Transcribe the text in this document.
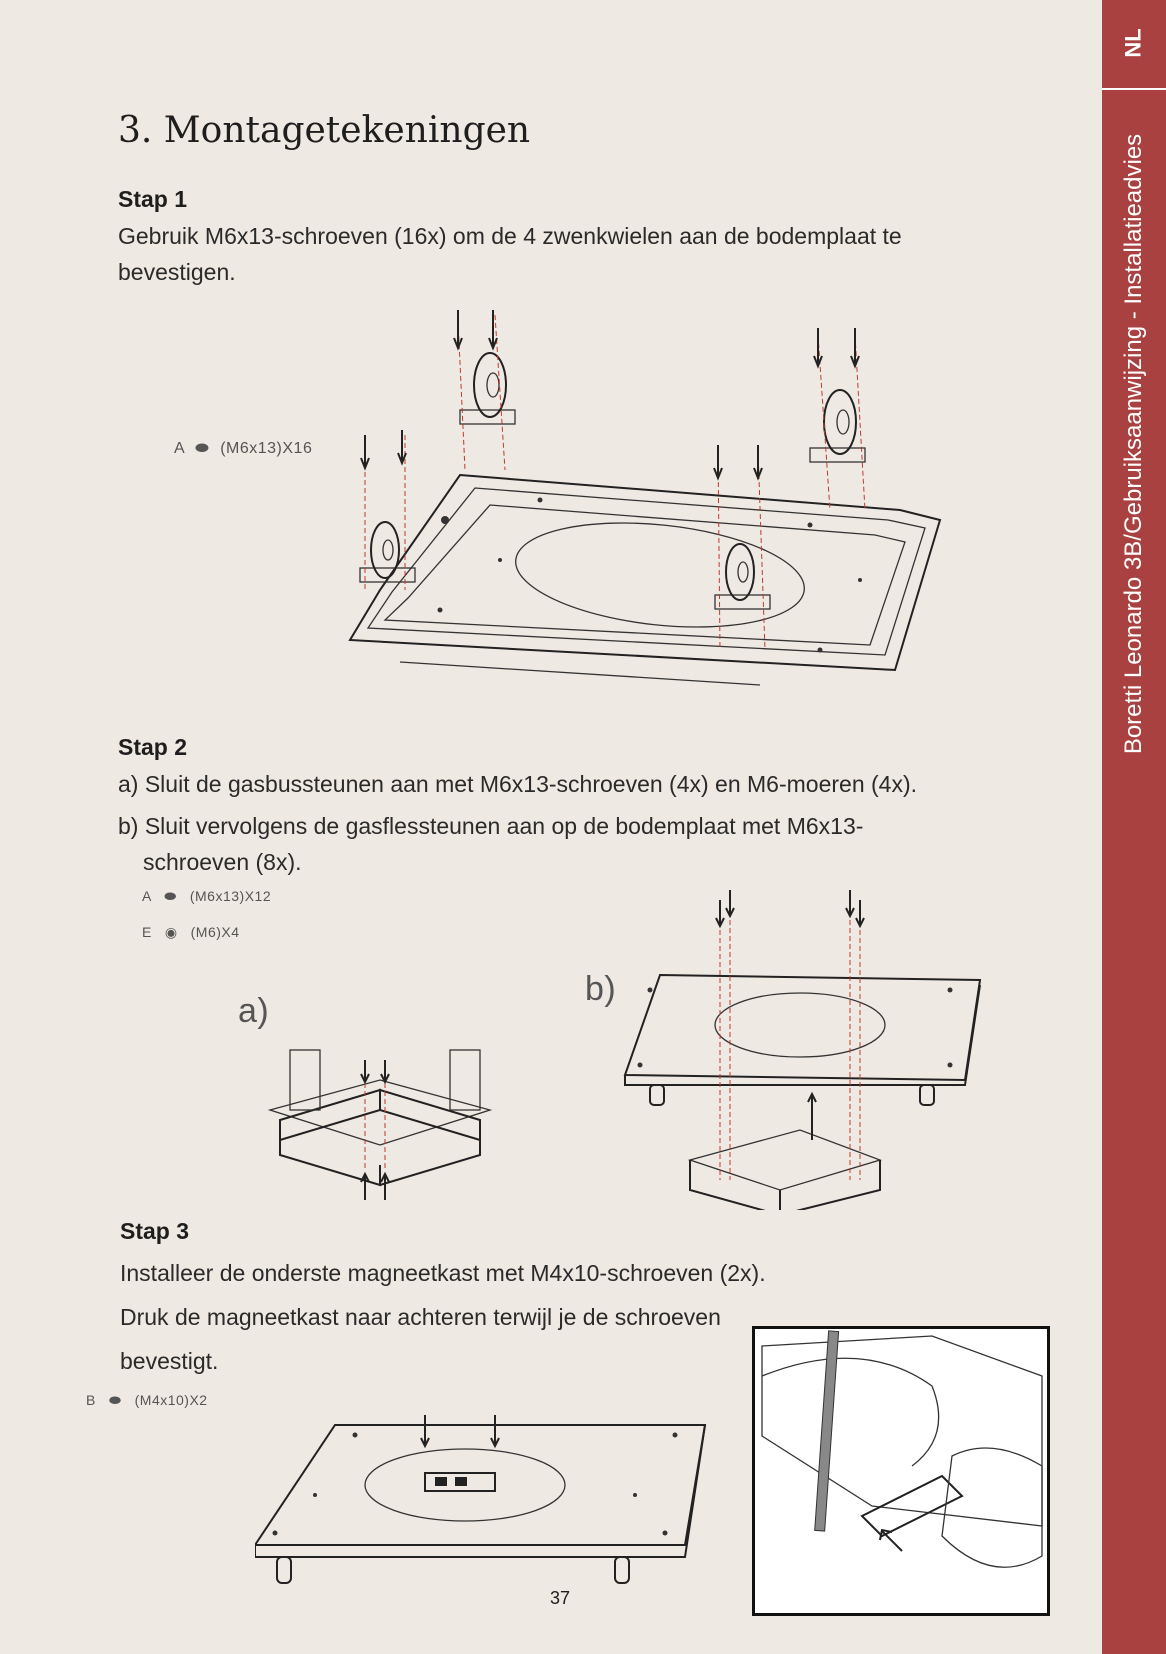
NL
Boretti Leonardo 3B/Gebruiksaanwijzing - Installatieadvies
3. Montagetekeningen
Stap 1
Gebruik M6x13-schroeven (16x) om de 4 zwenkwielen aan de bodemplaat te bevestigen.
A ⬬ (M6x13)X16
Stap 2
a) Sluit de gasbussteunen aan met M6x13-schroeven (4x) en M6-moeren (4x).
b) Sluit vervolgens de gasflessteunen aan op de bodemplaat met M6x13-schroeven (8x).
A ⬬ (M6x13)X12
E ◉ (M6)X4
a)
b)
Stap 3
Installeer de onderste magneetkast met M4x10-schroeven (2x).
Druk de magneetkast naar achteren terwijl je de schroeven
bevestigt.
B ⬬ (M4x10)X2
37
